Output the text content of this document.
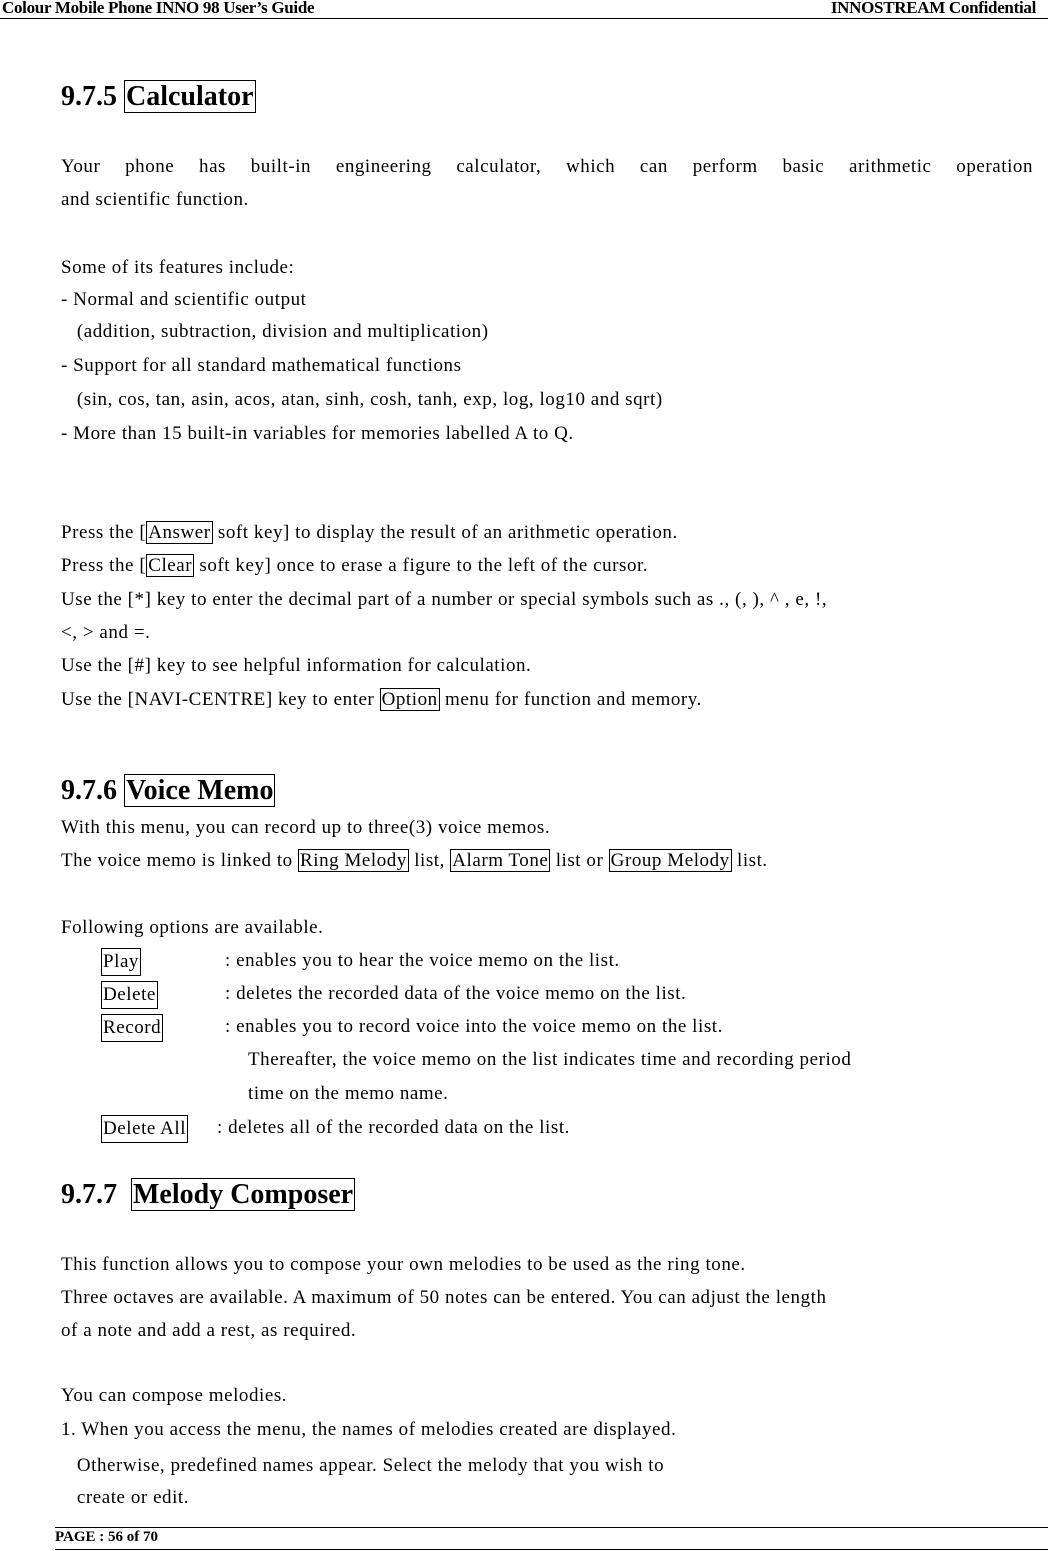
Colour Mobile Phone INNO 98 User’s Guide	INNOSTREAM Confidential
9.7.5 Calculator
Your phone has built-in engineering calculator, which can perform basic arithmetic operation
and scientific function.
Some of its features include:
- Normal and scientific output
(addition, subtraction, division and multiplication)
- Support for all standard mathematical functions
(sin, cos, tan, asin, acos, atan, sinh, cosh, tanh, exp, log, log10 and sqrt)
- More than 15 built-in variables for memories labelled A to Q.
Press the [ Answer soft key] to display the result of an arithmetic operation.
Press the [ Clear soft key] once to erase a figure to the left of the cursor.
Use the [*] key to enter the decimal part of a number or special symbols such as ., (, ), ^ , e, !,
<, > and =.
Use the [#] key to see helpful information for calculation.
Use the [NAVI-CENTRE] key to enter Option menu for function and memory.
9.7.6 Voice Memo
With this menu, you can record up to three(3) voice memos.
The voice memo is linked to Ring Melody list, Alarm Tone list or Group Melody list.
Following options are available.
Play	: enables you to hear the voice memo on the list.
Delete	: deletes the recorded data of the voice memo on the list.
Record	: enables you to record voice into the voice memo on the list.
Thereafter, the voice memo on the list indicates time and recording period
time on the memo name.
Delete All : deletes all of the recorded data on the list.
9.7.7 Melody Composer
This function allows you to compose your own melodies to be used as the ring tone.
Three octaves are available. A maximum of 50 notes can be entered. You can adjust the length
of a note and add a rest, as required.
You can compose melodies.
1. When you access the menu, the names of melodies created are displayed.
Otherwise, predefined names appear. Select the melody that you wish to
create or edit.
PAGE : 56 of 70
